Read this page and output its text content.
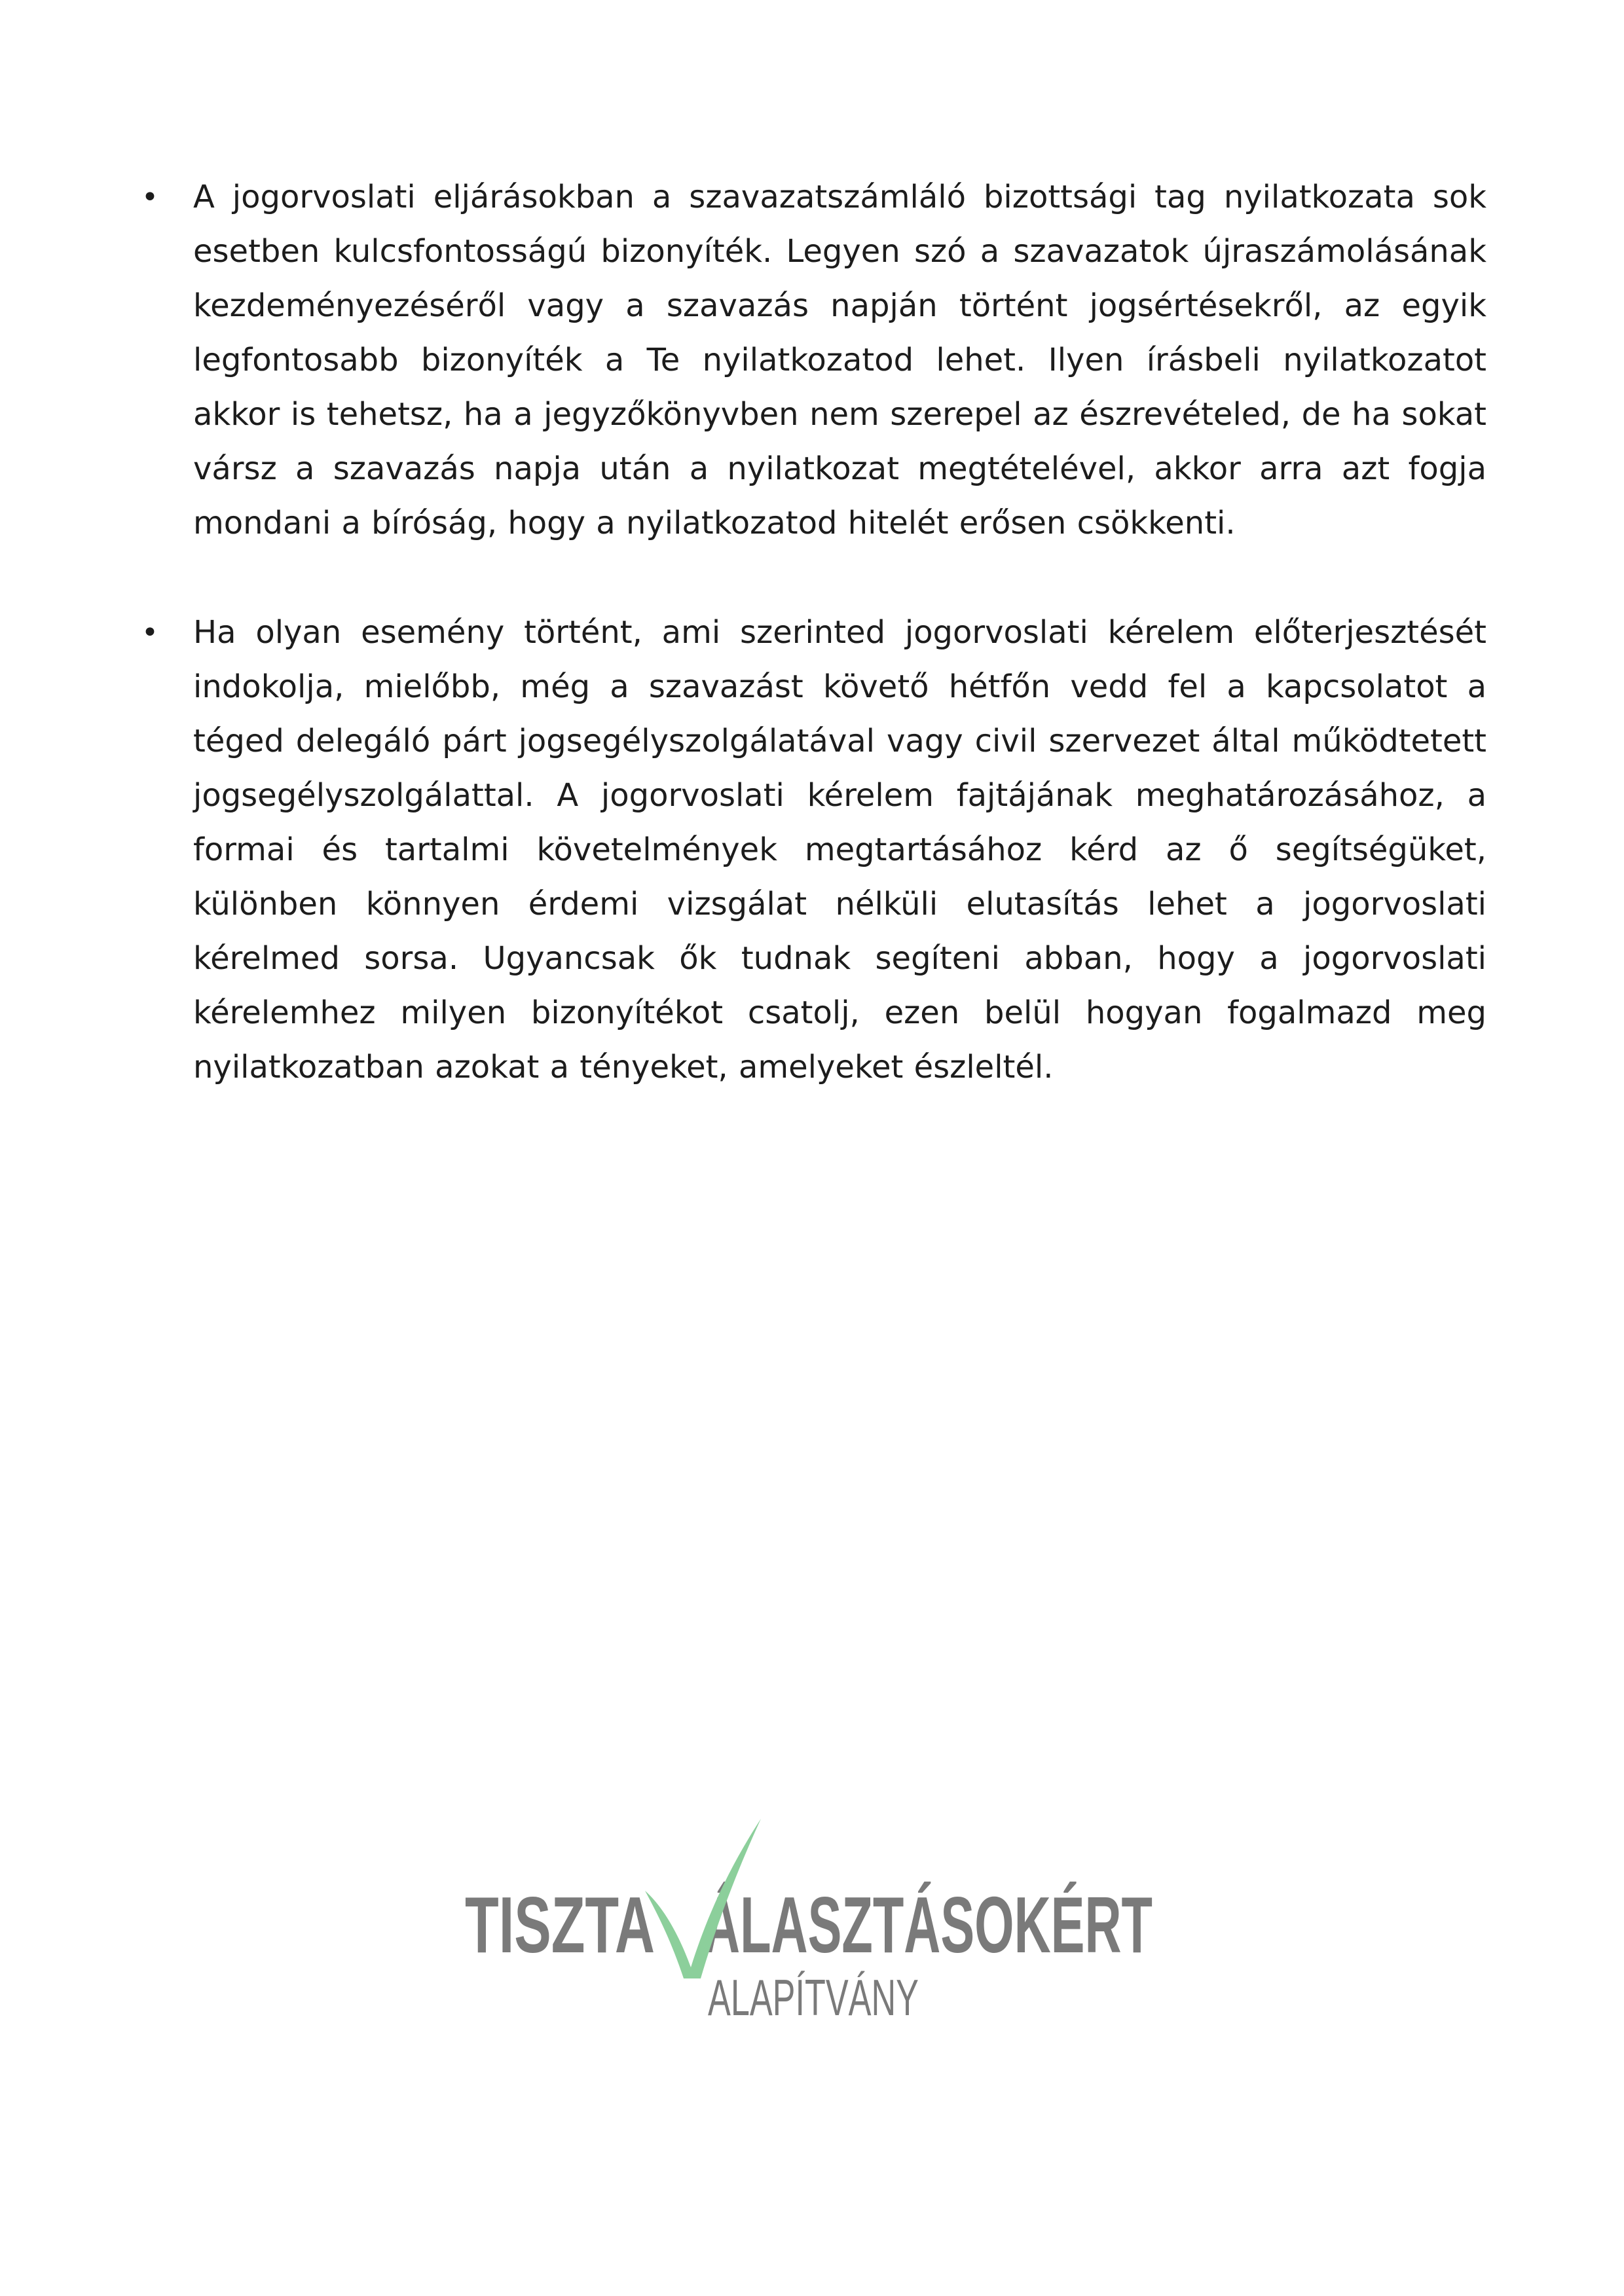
• A jogorvoslati eljárásokban a szavazatszámláló bizottsági tag nyilatkozata sok esetben kulcsfontosságú bizonyíték. Legyen szó a szavazatok újraszámolásának kezdeményezéséről vagy a szavazás napján történt jogsértésekről, az egyik legfontosabb bizonyíték a Te nyilatkozatod lehet. Ilyen írásbeli nyilatkozatot akkor is tehetsz, ha a jegyzőkönyvben nem szerepel az észrevételed, de ha sokat vársz a szavazás napja után a nyilatkozat megtételével, akkor arra azt fogja mondani a bíróság, hogy a nyilatkozatod hitelét erősen csökkenti.

• Ha olyan esemény történt, ami szerinted jogorvoslati kérelem előterjesztését indokolja, mielőbb, még a szavazást követő hétfőn vedd fel a kapcsolatot a téged delegáló párt jogsegélyszolgálatával vagy civil szervezet által működtetett jogsegélyszolgálattal. A jogorvoslati kérelem fajtájának meghatározásához, a formai és tartalmi követelmények megtartásához kérd az ő segítségüket, különben könnyen érdemi vizsgálat nélküli elutasítás lehet a jogorvoslati kérelmed sorsa. Ugyancsak ők tudnak segíteni abban, hogy a jogorvoslati kérelemhez milyen bizonyítékot csatolj, ezen belül hogyan fogalmazd meg nyilatkozatban azokat a tényeket, amelyeket észleltél.

TISZTA ÁLASZTÁSOKÉRT
ALAPÍTVÁNY
